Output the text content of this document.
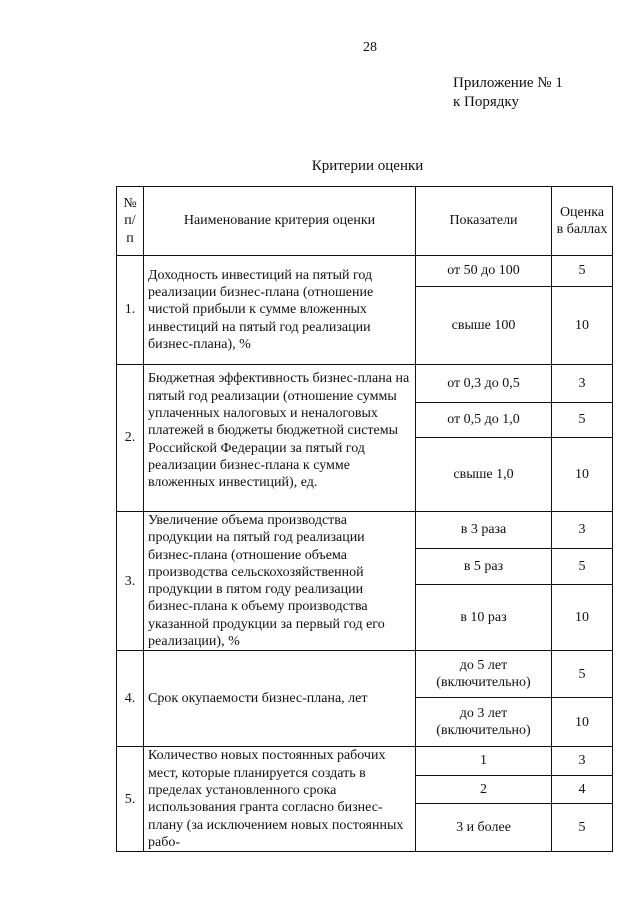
28
Приложение № 1
к Порядку
Критерии оценки
№ п/п	Наименование критерия оценки	Показатели	Оценка в баллах
1.	Доходность инвестиций на пятый год реализации бизнес-плана (отношение чистой прибыли к сумме вложенных инвестиций на пятый год реализации бизнес-плана), %	от 50 до 100	5
		свыше 100	10
2.	Бюджетная эффективность бизнес-плана на пятый год реализации (отношение суммы уплаченных налоговых и неналоговых платежей в бюджеты бюджетной системы Российской Федерации за пятый год реализации бизнес-плана к сумме вложенных инвестиций), ед.	от 0,3 до 0,5	3
		от 0,5 до 1,0	5
		свыше 1,0	10
3.	Увеличение объема производства продукции на пятый год реализации бизнес-плана (отношение объема производства сельскохозяйственной продукции в пятом году реализации бизнес-плана к объему производства указанной продукции за первый год его реализации), %	в 3 раза	3
		в 5 раз	5
		в 10 раз	10
4.	Срок окупаемости бизнес-плана, лет	до 5 лет (включительно)	5
		до 3 лет (включительно)	10
5.	Количество новых постоянных рабочих мест, которые планируется создать в пределах установленного срока использования гранта согласно бизнес-плану (за исключением новых постоянных рабо-	1	3
		2	4
		3 и более	5
